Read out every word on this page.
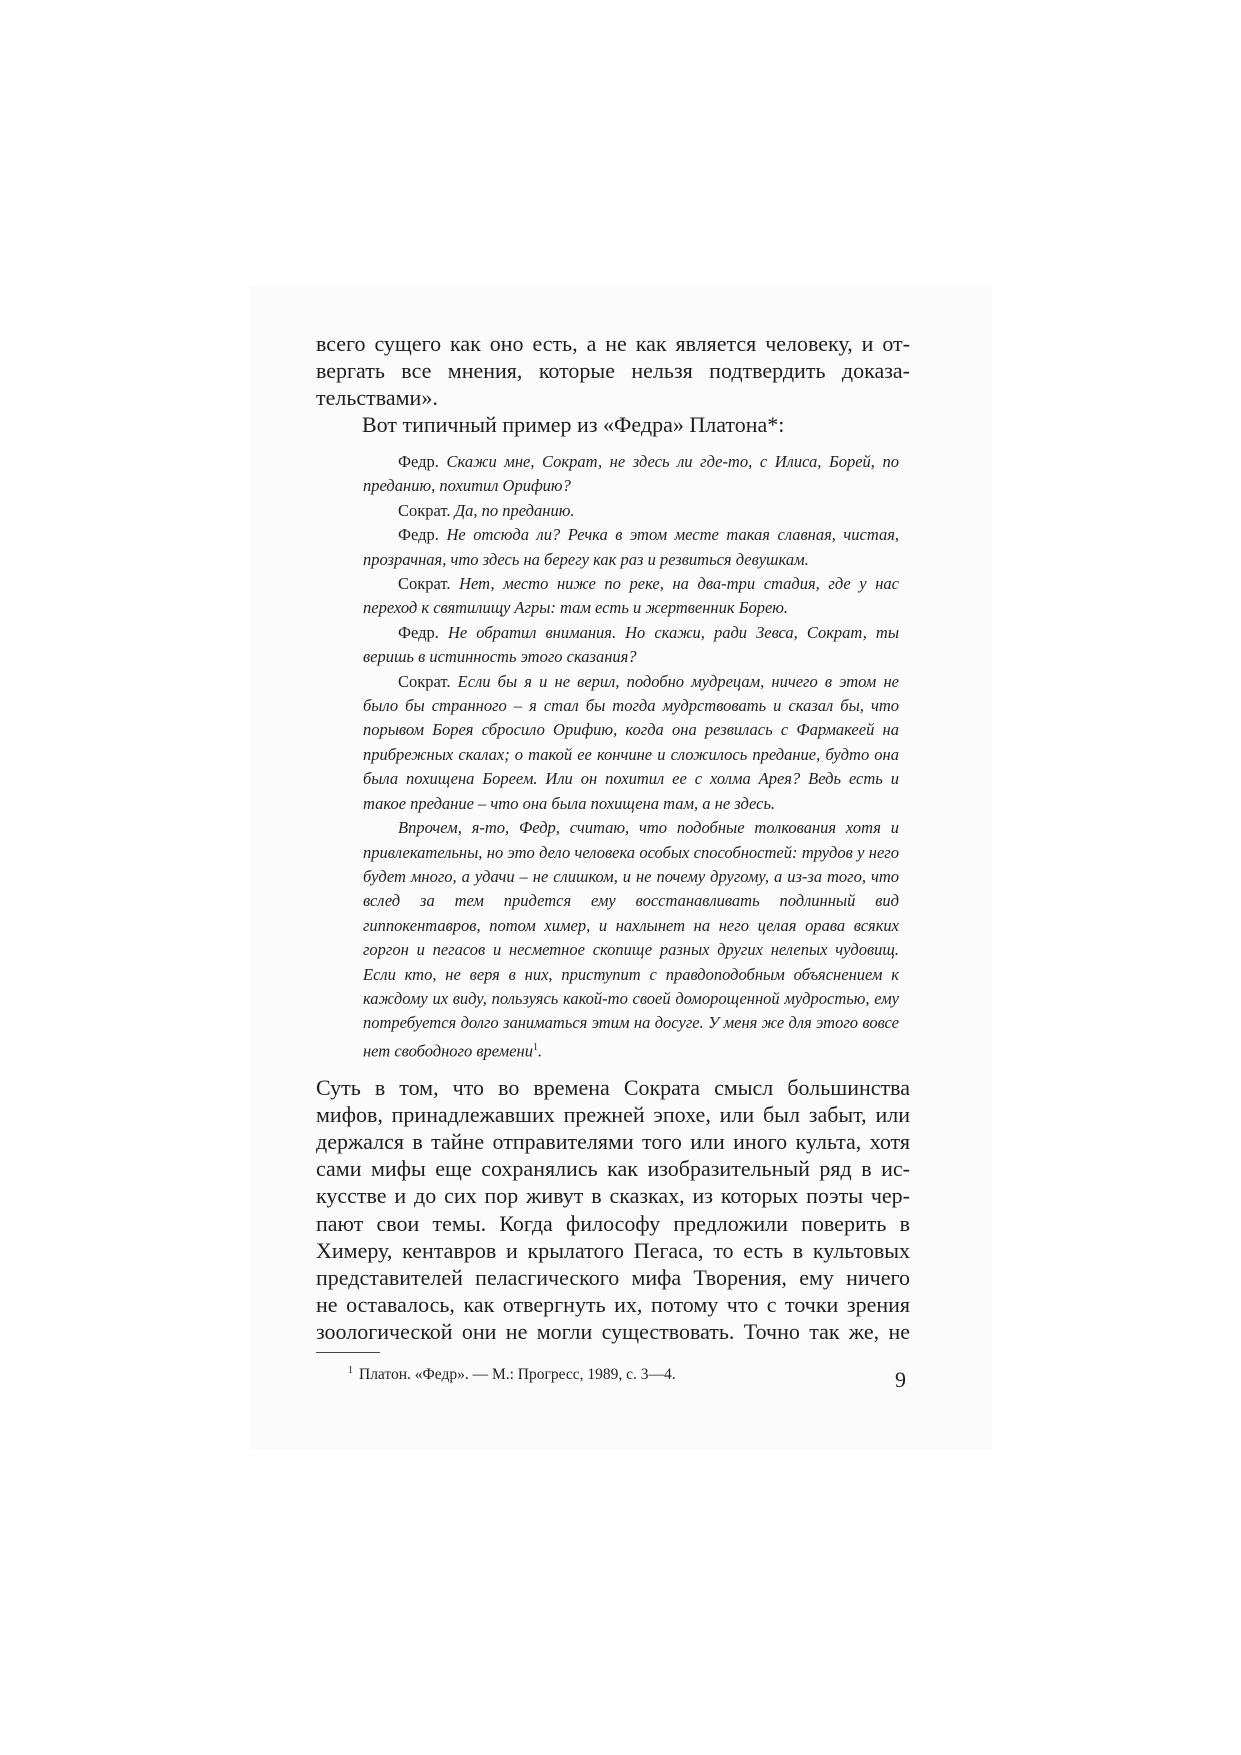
всего сущего как оно есть, а не как является человеку, и от-
вергать все мнения, которые нельзя подтвердить доказа-
тельствами».

Вот типичный пример из «Федра» Платона*:

Федр. Скажи мне, Сократ, не здесь ли где-то, с Илиса, Борей, по преданию, похитил Орифию?

Сократ. Да, по преданию.

Федр. Не отсюда ли? Речка в этом месте такая славная, чистая, прозрачная, что здесь на берегу как раз и резвиться девушкам.

Сократ. Нет, место ниже по реке, на два-три стадия, где у нас переход к святилищу Агры: там есть и жертвенник Борею.

Федр. Не обратил внимания. Но скажи, ради Зевса, Сократ, ты веришь в истинность этого сказания?

Сократ. Если бы я и не верил, подобно мудрецам, ничего в этом не было бы странного – я стал бы тогда мудрствовать и сказал бы, что порывом Борея сбросило Орифию, когда она резвилась с Фармакеей на прибрежных скалах; о такой ее кончине и сложилось предание, будто она была похищена Бореем. Или он похитил ее с холма Арея? Ведь есть и такое предание – что она была похищена там, а не здесь.

Впрочем, я-то, Федр, считаю, что подобные толкования хотя и привлекательны, но это дело человека особых способностей: трудов у него будет много, а удачи – не слишком, и не почему другому, а из-за того, что вслед за тем придется ему восстанавливать подлинный вид гиппокентавров, потом химер, и нахлынет на него целая орава всяких горгон и пегасов и несметное скопище разных других нелепых чудовищ. Если кто, не веря в них, приступит с правдоподобным объяснением к каждому их виду, пользуясь какой-то своей доморощенной мудростью, ему потребуется долго заниматься этим на досуге. У меня же для этого вовсе нет свободного времени$^1$.

Суть в том, что во времена Сократа смысл большинства
мифов, принадлежавших прежней эпохе, или был забыт, или
держался в тайне отправителями того или иного культа, хотя
сами мифы еще сохранялись как изобразительный ряд в ис-
кусстве и до сих пор живут в сказках, из которых поэты чер-
пают свои темы. Когда философу предложили поверить в
Химеру, кентавров и крылатого Пегаса, то есть в культовых
представителей пеласгического мифа Творения, ему ничего
не оставалось, как отвергнуть их, потому что с точки зрения
зоологической они не могли существовать. Точно так же, не

$^1$ Платон. «Федр». — М.: Прогресс, 1989, с. 3—4.	9
